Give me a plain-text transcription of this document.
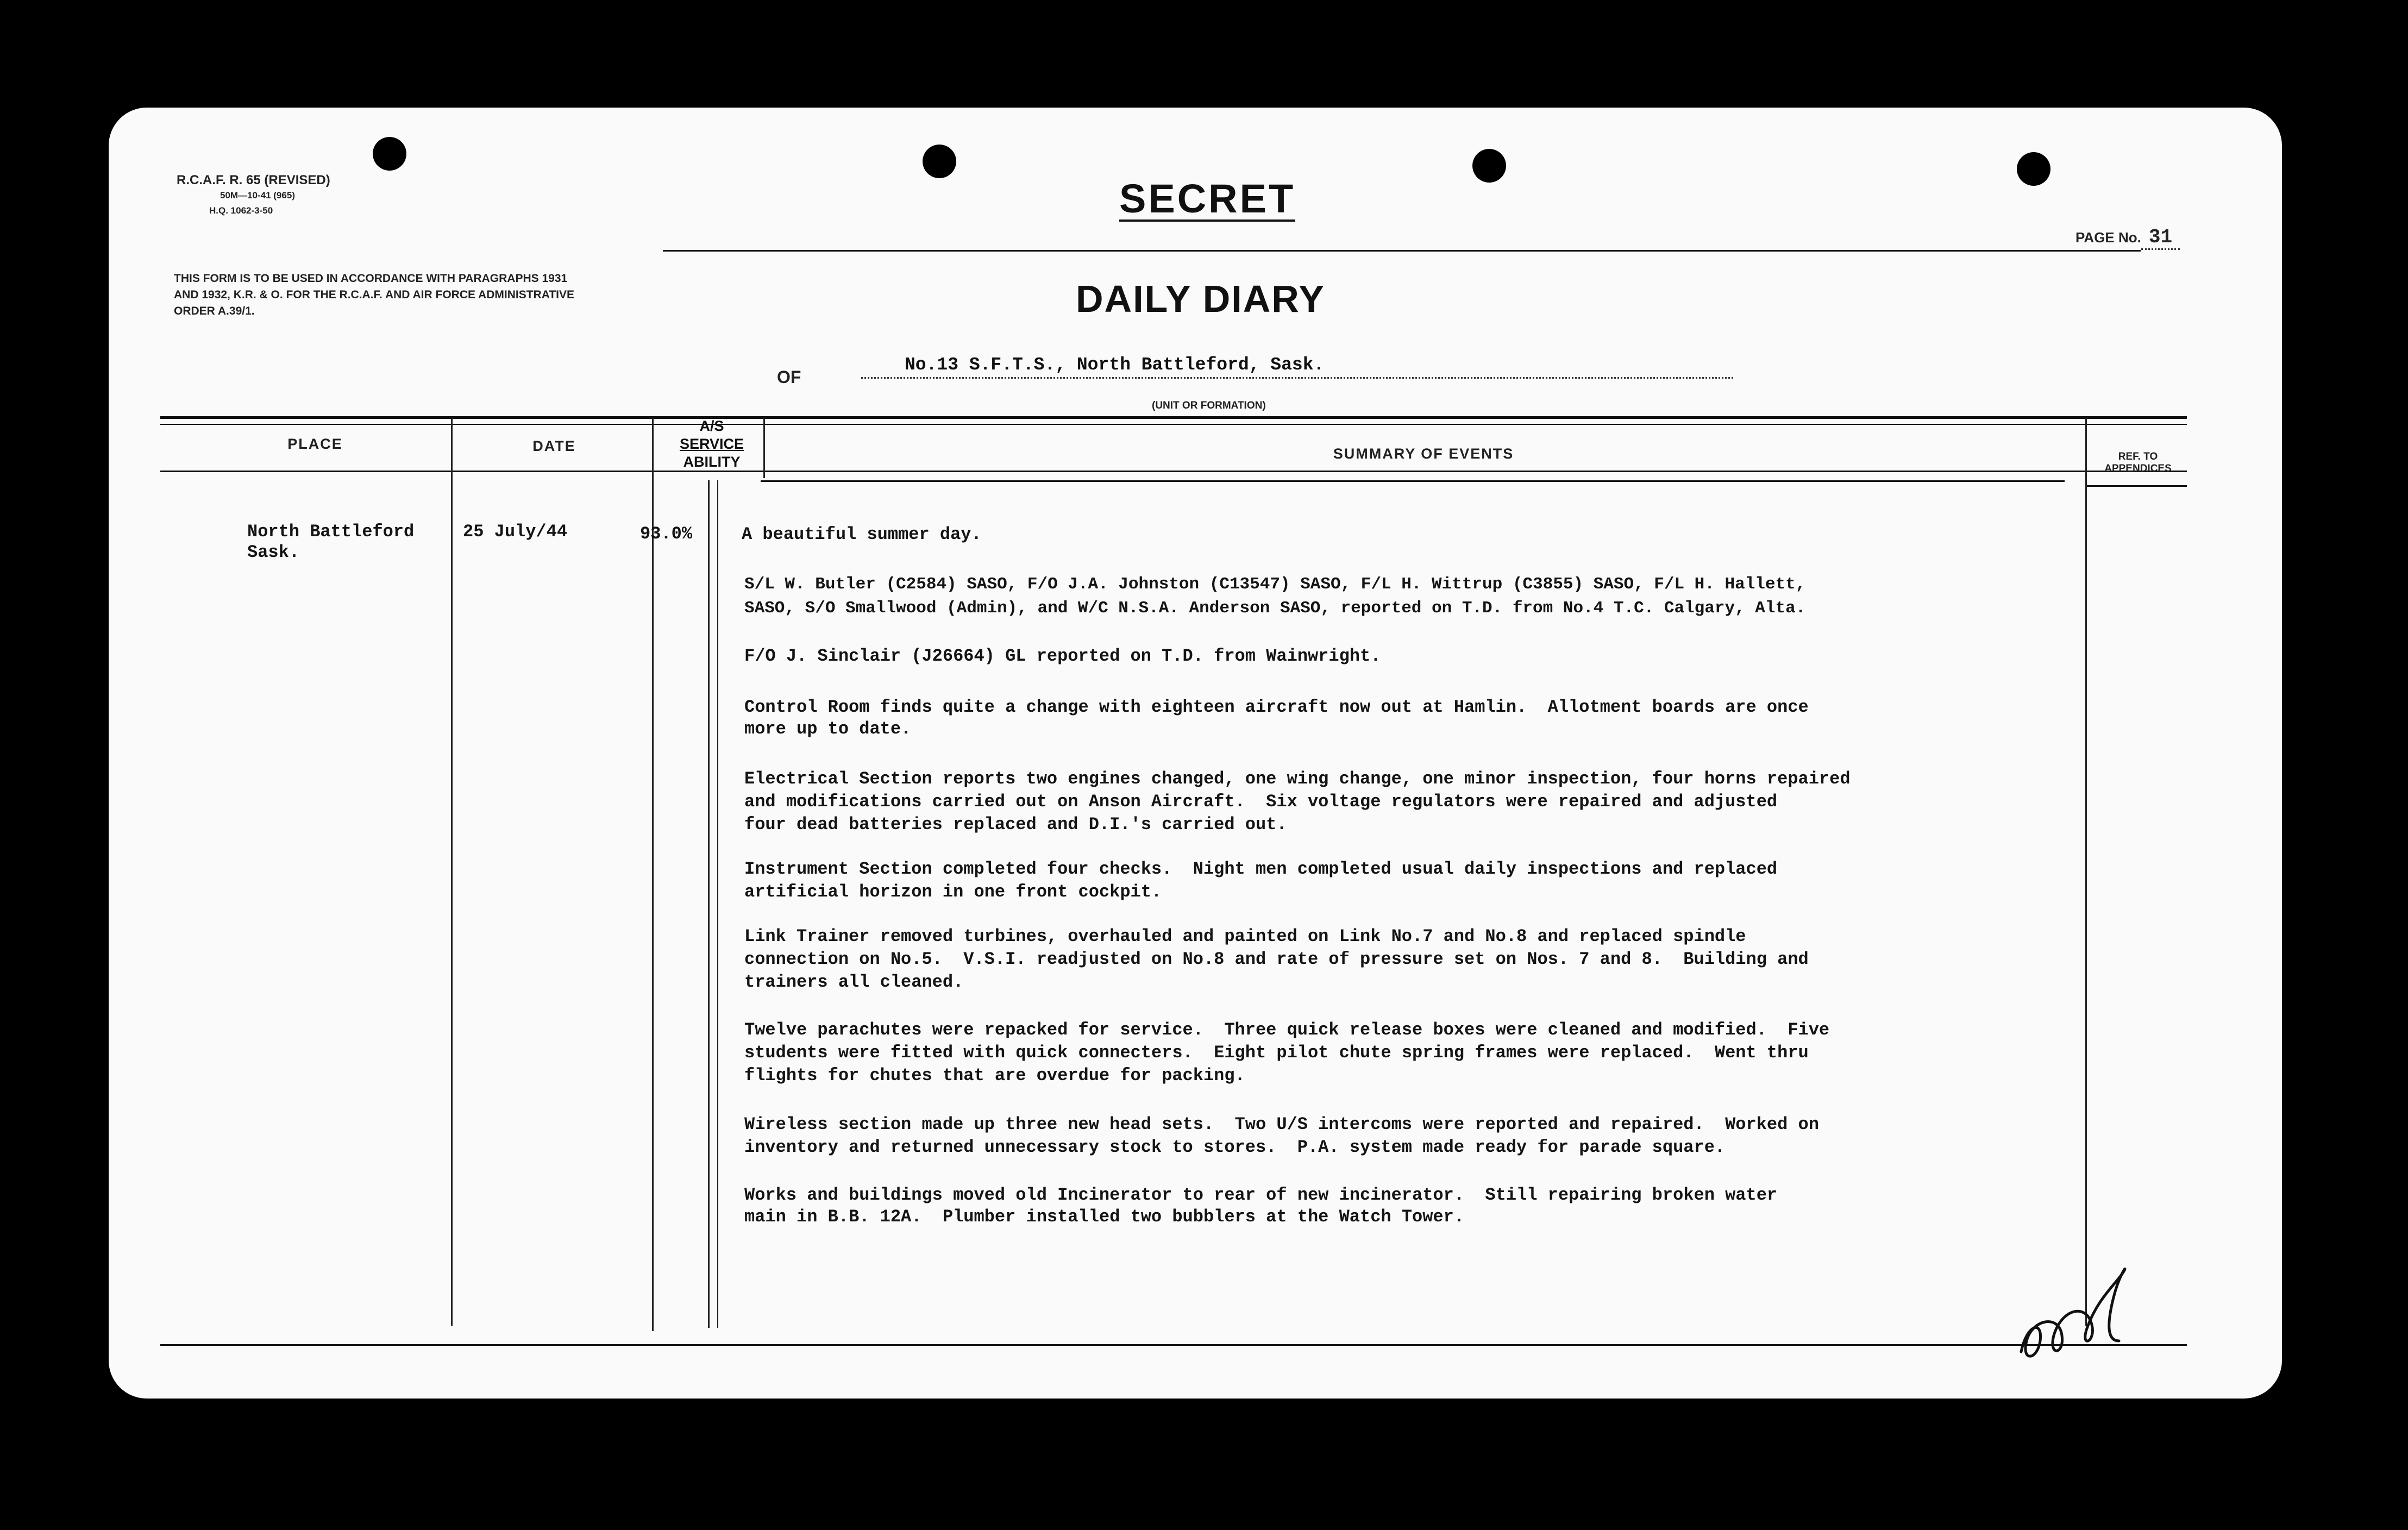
R.C.A.F. R. 65 (REVISED)

50M—10-41 (965)
H.Q. 1062-3-50	SECRET
PAGE No. 31
THIS FORM IS TO BE USED IN ACCORDANCE WITH PARAGRAPHS 1931 AND 1932, K.R. & O. FOR THE R.C.A.F. AND AIR FORCE ADMINISTRATIVE ORDER A.39/1.	DAILY DIARY
OF
No.13 S.F.T.S., North Battleford, Sask.
(UNIT OR FORMATION)
PLACE	DATE
A/S
SERVICE
ABILITY	SUMMARY OF EVENTS	REF. TO
APPENDICES
North Battleford
Sask.
25 July/44	93.0%	A beautiful summer day.
S/L W. Butler (C2584) SASO, F/O J.A. Johnston (C13547) SASO, F/L H. Wittrup (C3855) SASO, F/L H. Hallett,
SASO, S/O Smallwood (Admin), and W/C N.S.A. Anderson SASO, reported on T.D. from No.4 T.C. Calgary, Alta.
F/O J. Sinclair (J26664) GL reported on T.D. from Wainwright.
Control Room finds quite a change with eighteen aircraft now out at Hamlin.  Allotment boards are once
more up to date.
Electrical Section reports two engines changed, one wing change, one minor inspection, four horns repaired
and modifications carried out on Anson Aircraft.  Six voltage regulators were repaired and adjusted
four dead batteries replaced and D.I.'s carried out.
Instrument Section completed four checks.  Night men completed usual daily inspections and replaced
artificial horizon in one front cockpit.
Link Trainer removed turbines, overhauled and painted on Link No.7 and No.8 and replaced spindle
connection on No.5.  V.S.I. readjusted on No.8 and rate of pressure set on Nos. 7 and 8.  Building and
trainers all cleaned.
Twelve parachutes were repacked for service.  Three quick release boxes were cleaned and modified.  Five
students were fitted with quick connecters.  Eight pilot chute spring frames were replaced.  Went thru
flights for chutes that are overdue for packing.
Wireless section made up three new head sets.  Two U/S intercoms were reported and repaired.  Worked on
inventory and returned unnecessary stock to stores.  P.A. system made ready for parade square.
Works and buildings moved old Incinerator to rear of new incinerator.  Still repairing broken water
main in B.B. 12A.  Plumber installed two bubblers at the Watch Tower.
